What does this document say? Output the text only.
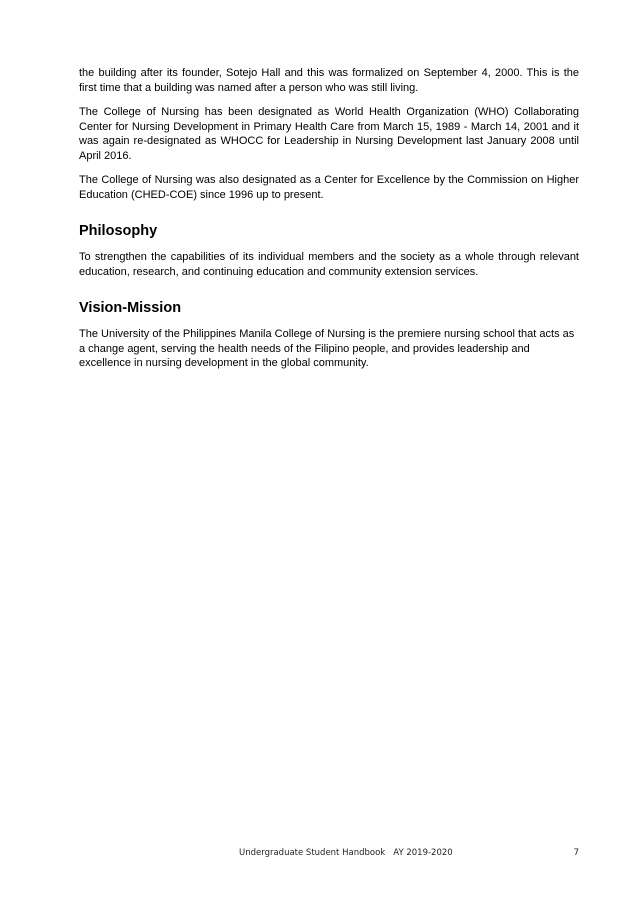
the building after its founder, Sotejo Hall and this was formalized on September 4, 2000. This is the first time that a building was named after a person who was still living.

The College of Nursing has been designated as World Health Organization (WHO) Collaborating Center for Nursing Development in Primary Health Care from March 15, 1989 - March 14, 2001 and it was again re-designated as WHOCC for Leadership in Nursing Development last January 2008 until April 2016.

The College of Nursing was also designated as a Center for Excellence by the Commission on Higher Education (CHED-COE) since 1996 up to present.

Philosophy

To strengthen the capabilities of its individual members and the society as a whole through relevant education, research, and continuing education and community extension services.

Vision-Mission

The University of the Philippines Manila College of Nursing is the premiere nursing school that acts as a change agent, serving the health needs of the Filipino people, and provides leadership and excellence in nursing development in the global community.

Undergraduate Student Handbook   AY 2019-2020	7
